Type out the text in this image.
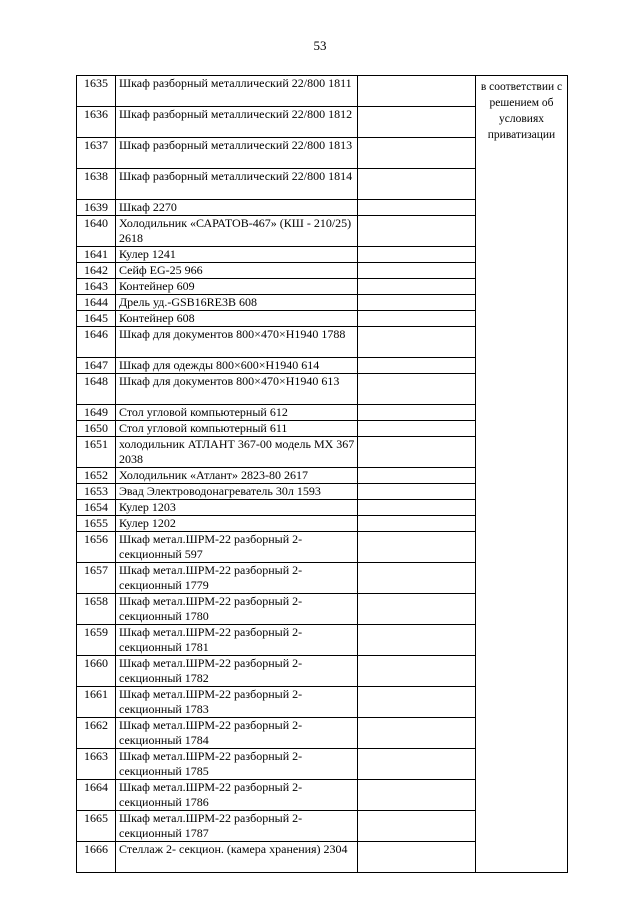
53
1635	Шкаф разборный металлический 22/800 1811		в соответствии с решением об условиях приватизации
1636	Шкаф разборный металлический 22/800 1812		
1637	Шкаф разборный металлический 22/800 1813		
1638	Шкаф разборный металлический 22/800 1814		
1639	Шкаф 2270		
1640	Холодильник «САРАТОВ-467» (КШ - 210/25) 2618		
1641	Кулер 1241		
1642	Сейф EG-25 966		
1643	Контейнер 609		
1644	Дрель уд.-GSB16RE3B 608		
1645	Контейнер 608		
1646	Шкаф для документов 800×470×Н1940 1788		
1647	Шкаф для одежды 800×600×Н1940 614		
1648	Шкаф для документов 800×470×Н1940 613		
1649	Стол угловой компьютерный 612		
1650	Стол угловой компьютерный 611		
1651	холодильник АТЛАНТ 367-00 модель МХ 367 2038		
1652	Холодильник «Атлант» 2823-80 2617		
1653	Эвад Электроводонагреватель 30л 1593		
1654	Кулер 1203		
1655	Кулер 1202		
1656	Шкаф метал.ШРМ-22 разборный 2-секционный 597		
1657	Шкаф метал.ШРМ-22 разборный 2-секционный 1779		
1658	Шкаф метал.ШРМ-22 разборный 2-секционный 1780		
1659	Шкаф метал.ШРМ-22 разборный 2-секционный 1781		
1660	Шкаф метал.ШРМ-22 разборный 2-секционный 1782		
1661	Шкаф метал.ШРМ-22 разборный 2-секционный 1783		
1662	Шкаф метал.ШРМ-22 разборный 2-секционный 1784		
1663	Шкаф метал.ШРМ-22 разборный 2-секционный 1785		
1664	Шкаф метал.ШРМ-22 разборный 2-секционный 1786		
1665	Шкаф метал.ШРМ-22 разборный 2-секционный 1787		
1666	Стеллаж 2- секцион. (камера хранения) 2304		
